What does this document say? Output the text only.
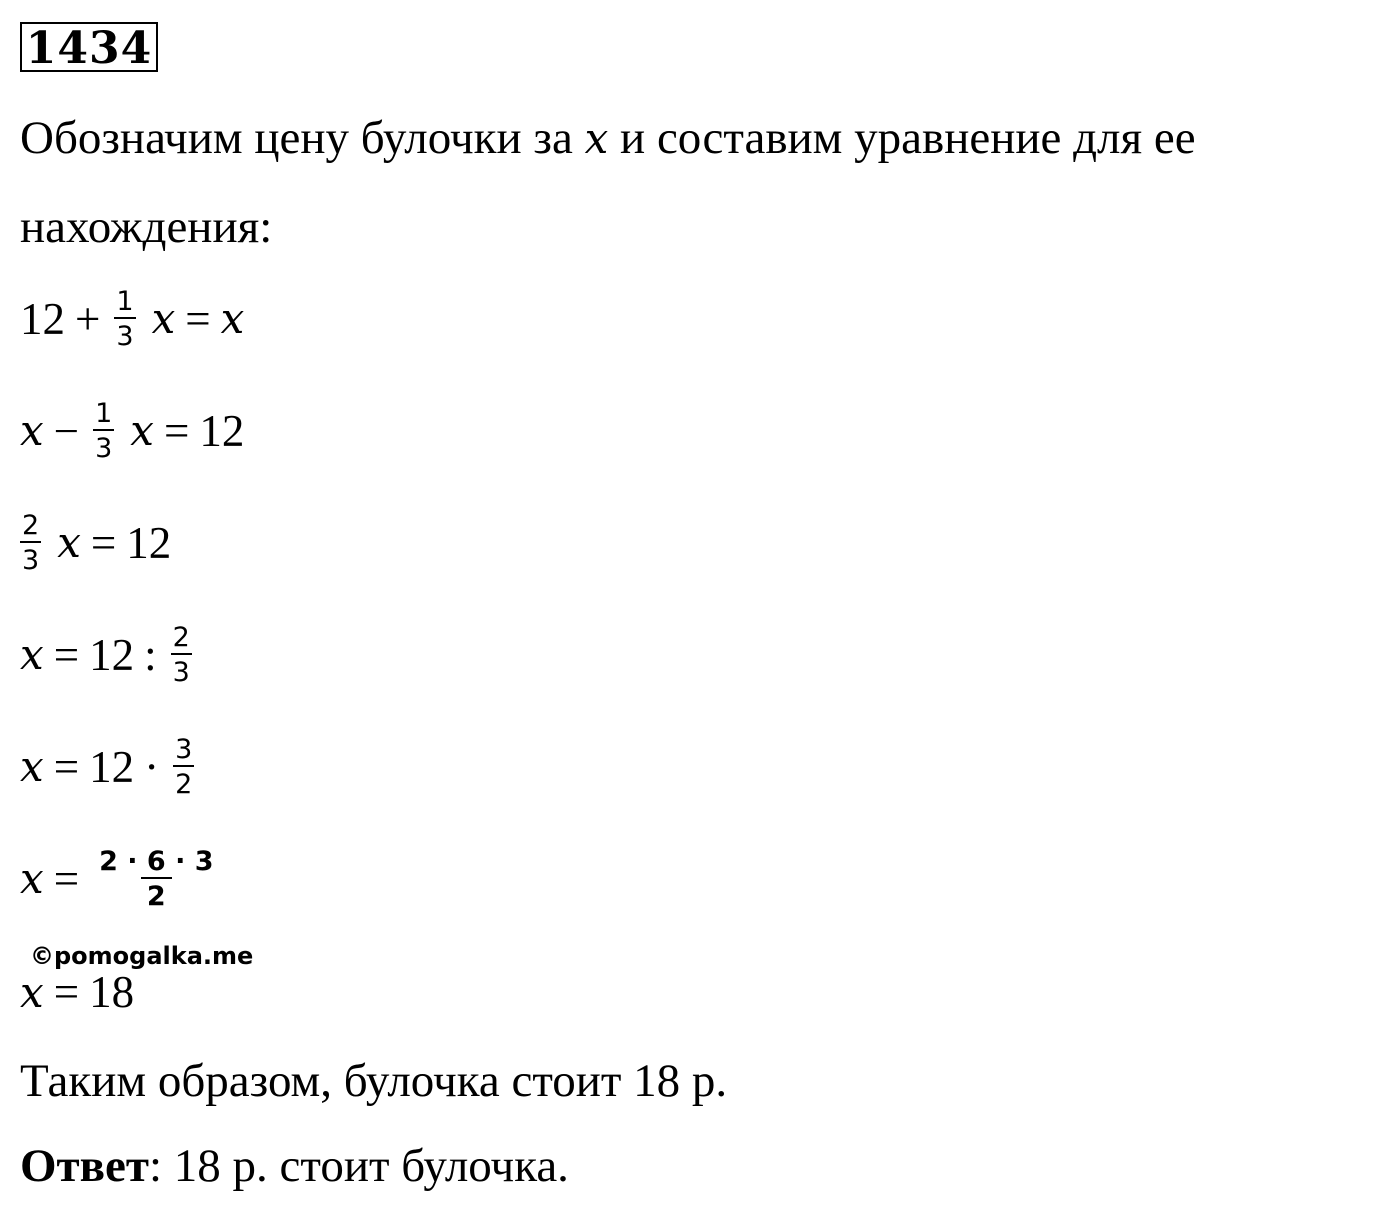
1434
Обозначим цену булочки за x и составим уравнение для ее
нахождения:
$12 + \frac{1}{3}$ x = x
$x - \frac{1}{3}$ x = 12
$\frac{2}{3}$ x = 12
x = 12 : $\frac{2}{3}$
$x = 12 \cdot \frac{3}{2}$
$x = \frac{2 \cdot 6 \cdot 3}{2}$
©pomogalka.me
x = 18
Таким образом, булочка стоит 18 р.
Ответ: 18 р. стоит булочка.
